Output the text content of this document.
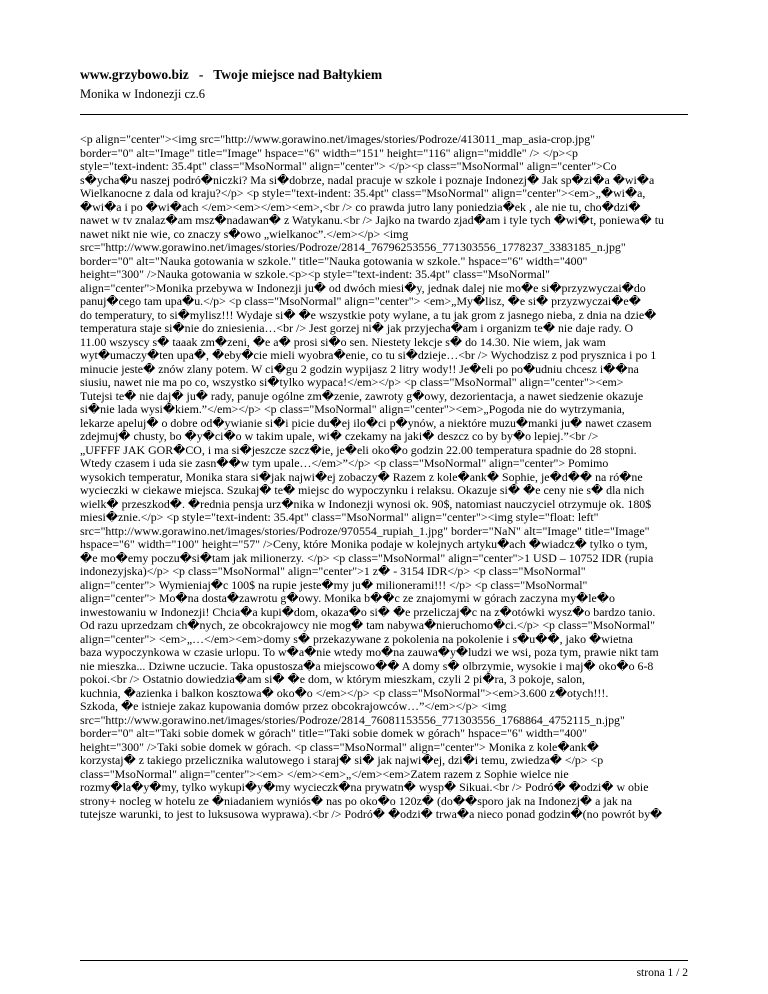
www.grzybowo.biz - Twoje miejsce nad Bałtykiem
Monika w Indonezji cz.6
<p align="center"><img src="http://www.gorawino.net/images/stories/Podroze/413011_map_asia-crop.jpg"
border="0" alt="Image" title="Image" hspace="6" width="151" height="116" align="middle" /> </p><p
style="text-indent: 35.4pt" class="MsoNormal" align="center"> </p><p class="MsoNormal" align="center">Co
s�ycha�u naszej podró�niczki? Ma si�dobrze, nadal pracuje w szkole i poznaje Indonezj� Jak sp�zi�a �wi�a
Wielkanocne z dala od kraju?</p> <p style="text-indent: 35.4pt" class="MsoNormal" align="center"><em>„�wi�a,
�wi�a i po �wi�ach </em><em></em><em>,<br /> co prawda jutro lany poniedzia�ek , ale nie tu, cho�dzi�
nawet w tv znalaz�am msz�nadawan� z Watykanu.<br /> Jajko na twardo zjad�am i tyle tych �wi�t, poniewa� tu
nawet nikt nie wie, co znaczy s�owo „wielkanoc”.</em></p> <img
src="http://www.gorawino.net/images/stories/Podroze/2814_76796253556_771303556_1778237_3383185_n.jpg"
border="0" alt="Nauka gotowania w szkole." title="Nauka gotowania w szkole." hspace="6" width="400"
height="300" />Nauka gotowania w szkole.<p><p style="text-indent: 35.4pt" class="MsoNormal"
align="center">Monika przebywa w Indonezji ju� od dwóch miesi�y, jednak dalej nie mo�e si�przyzwyczai�do
panuj�cego tam upa�u.</p> <p class="MsoNormal" align="center"> <em>„My�lisz, �e si� przyzwyczai�e�
do temperatury, to si�mylisz!!! Wydaje si� �e wszystkie poty wylane, a tu jak grom z jasnego nieba, z dnia na dzie�
temperatura staje si�nie do zniesienia…<br /> Jest gorzej ni� jak przyjecha�am i organizm te� nie daje rady. O
11.00 wszyscy s� taaak zm�zeni, �e a� prosi si�o sen. Niestety lekcje s� do 14.30. Nie wiem, jak wam
wyt�umaczy�ten upa�, �eby�cie mieli wyobra�enie, co tu si�dzieje…<br /> Wychodzisz z pod prysznica i po 1
minucie jeste� znów zlany potem. W ci�gu 2 godzin wypijasz 2 litry wody!! Je�eli po po�udniu chcesz i��na
siusiu, nawet nie ma po co, wszystko si�tylko wypaca!</em></p> <p class="MsoNormal" align="center"><em>
Tutejsi te� nie daj� ju� rady, panuje ogólne zm�zenie, zawroty g�owy, dezorientacja, a nawet siedzenie okazuje
si�nie lada wysi�kiem.”</em></p> <p class="MsoNormal" align="center"><em>„Pogoda nie do wytrzymania,
lekarze apeluj� o dobre od�ywianie si�i picie du�ej ilo�ci p�ynów, a niektóre muzu�manki ju� nawet czasem
zdejmuj� chusty, bo �y�ci�o w takim upale, wi� czekamy na jaki� deszcz co by by�o lepiej.”<br />
„UFFFF JAK GOR�CO, i ma si�jeszcze szcz�ie, je�eli oko�o godzin 22.00 temperatura spadnie do 28 stopni.
Wtedy czasem i uda sie zasn��w tym upale…</em>”</p> <p class="MsoNormal" align="center"> Pomimo
wysokich temperatur, Monika stara si�jak najwi�ej zobaczy� Razem z kole�ank� Sophie, je�d�� na ró�ne
wycieczki w ciekawe miejsca. Szukaj� te� miejsc do wypoczynku i relaksu. Okazuje si� �e ceny nie s� dla nich
wielk� przeszkod�. �rednia pensja urz�nika w Indonezji wynosi ok. 90$, natomiast nauczyciel otrzymuje ok. 180$
miesi�znie.</p> <p style="text-indent: 35.4pt" class="MsoNormal" align="center"><img style="float: left"
src="http://www.gorawino.net/images/stories/Podroze/970554_rupiah_1.jpg" border="NaN" alt="Image" title="Image"
hspace="6" width="100" height="57" />Ceny, które Monika podaje w kolejnych artyku�ach �wiadcz� tylko o tym,
�e mo�emy poczu�si�tam jak milionerzy. </p> <p class="MsoNormal" align="center">1 USD – 10752 IDR (rupia
indonezyjska)</p> <p class="MsoNormal" align="center">1 z� - 3154 IDR</p> <p class="MsoNormal"
align="center"> Wymieniaj�c 100$ na rupie jeste�my ju� milionerami!!! </p> <p class="MsoNormal"
align="center"> Mo�na dosta�zawrotu g�owy. Monika b��c ze znajomymi w górach zaczyna my�le�o
inwestowaniu w Indonezji! Chcia�a kupi�dom, okaza�o si� �e przeliczaj�c na z�otówki wysz�o bardzo tanio.
Od razu uprzedzam ch�nych, ze obcokrajowcy nie mog� tam nabywa�nieruchomo�ci.</p> <p class="MsoNormal"
align="center"> <em>„…</em><em>domy s� przekazywane z pokolenia na pokolenie i s�u��, jako �wietna
baza wypoczynkowa w czasie urlopu. To w�a�nie wtedy mo�na zauwa�y�ludzi we wsi, poza tym, prawie nikt tam
nie mieszka... Dziwne uczucie. Taka opustosza�a miejscowo�� A domy s� olbrzymie, wysokie i maj� oko�o 6-8
pokoi.<br /> Ostatnio dowiedzia�am si� �e dom, w którym mieszkam, czyli 2 pi�ra, 3 pokoje, salon,
kuchnia, �azienka i balkon kosztowa� oko�o </em></p> <p class="MsoNormal"><em>3.600 z�otych!!!.
Szkoda, �e istnieje zakaz kupowania domów przez obcokrajowców…”</em></p> <img
src="http://www.gorawino.net/images/stories/Podroze/2814_76081153556_771303556_1768864_4752115_n.jpg"
border="0" alt="Taki sobie domek w górach" title="Taki sobie domek w górach" hspace="6" width="400"
height="300" />Taki sobie domek w górach. <p class="MsoNormal" align="center"> Monika z kole�ank�
korzystaj� z takiego przelicznika walutowego i staraj� si� jak najwi�ej, dzi�i temu, zwiedza� </p> <p
class="MsoNormal" align="center"><em> </em><em>„</em><em>Zatem razem z Sophie wielce nie
rozmy�la�y�my, tylko wykupi�y�my wycieczk�na prywatn� wysp� Sikuai.<br /> Podró� �odzi� w obie
strony+ nocleg w hotelu ze �niadaniem wyniós� nas po oko�o 120z� (do��sporo jak na Indonezj� a jak na
tutejsze warunki, to jest to luksusowa wyprawa).<br /> Podró� �odzi� trwa�a nieco ponad godzin�(no powrót by�
strona 1 / 2
